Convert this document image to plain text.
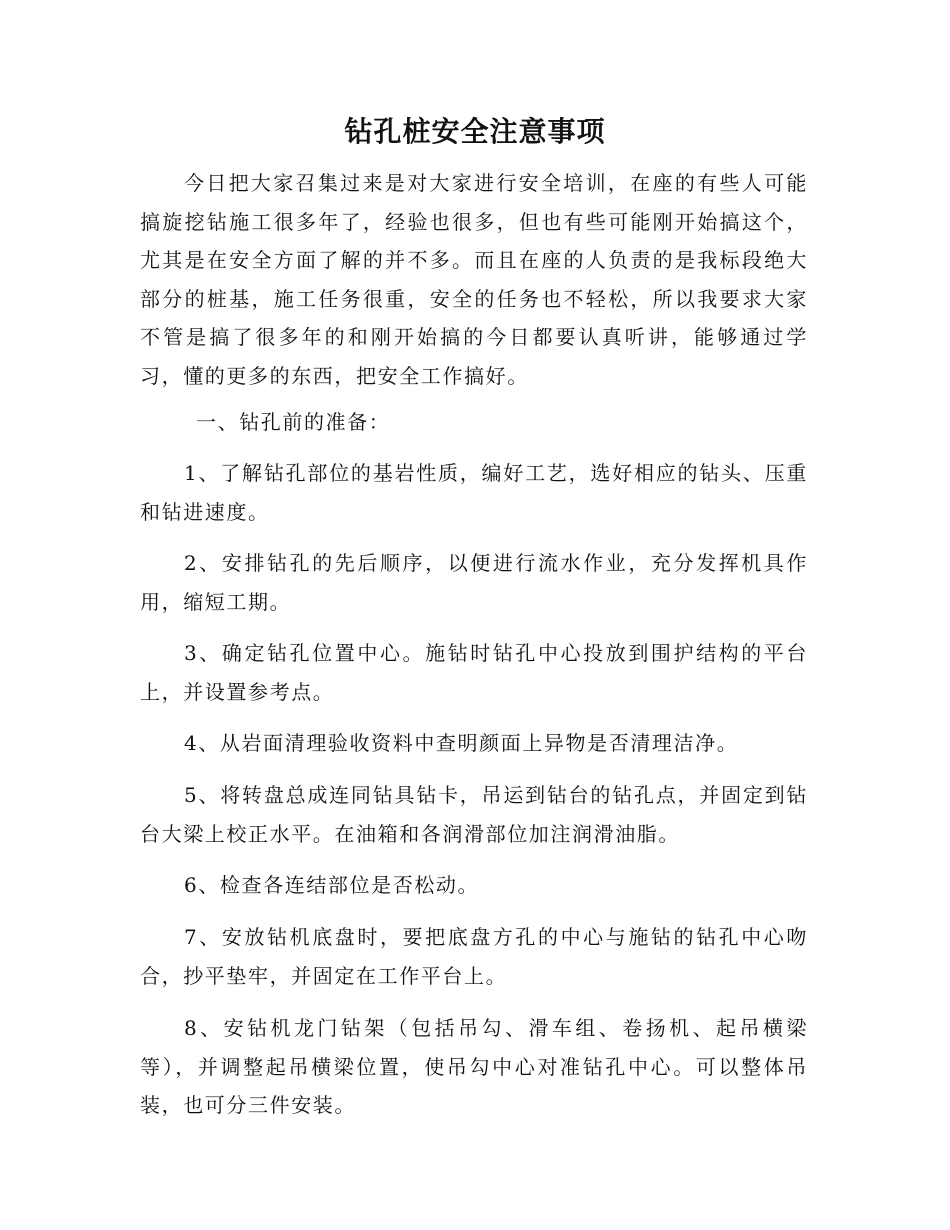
钻孔桩安全注意事项

今日把大家召集过来是对大家进行安全培训，在座的有些人可能搞旋挖钻施工很多年了，经验也很多，但也有些可能刚开始搞这个，尤其是在安全方面了解的并不多。而且在座的人负责的是我标段绝大部分的桩基，施工任务很重，安全的任务也不轻松，所以我要求大家不管是搞了很多年的和刚开始搞的今日都要认真听讲，能够通过学习，懂的更多的东西，把安全工作搞好。

一、钻孔前的准备：

1、了解钻孔部位的基岩性质，编好工艺，选好相应的钻头、压重和钻进速度。

2、安排钻孔的先后顺序，以便进行流水作业，充分发挥机具作用，缩短工期。

3、确定钻孔位置中心。施钻时钻孔中心投放到围护结构的平台上，并设置参考点。

4、从岩面清理验收资料中查明颜面上异物是否清理洁净。

5、将转盘总成连同钻具钻卡，吊运到钻台的钻孔点，并固定到钻台大梁上校正水平。在油箱和各润滑部位加注润滑油脂。

6、检查各连结部位是否松动。

7、安放钻机底盘时，要把底盘方孔的中心与施钻的钻孔中心吻合，抄平垫牢，并固定在工作平台上。

8、安钻机龙门钻架（包括吊勾、滑车组、卷扬机、起吊横梁等），并调整起吊横梁位置，使吊勾中心对准钻孔中心。可以整体吊装，也可分三件安装。
